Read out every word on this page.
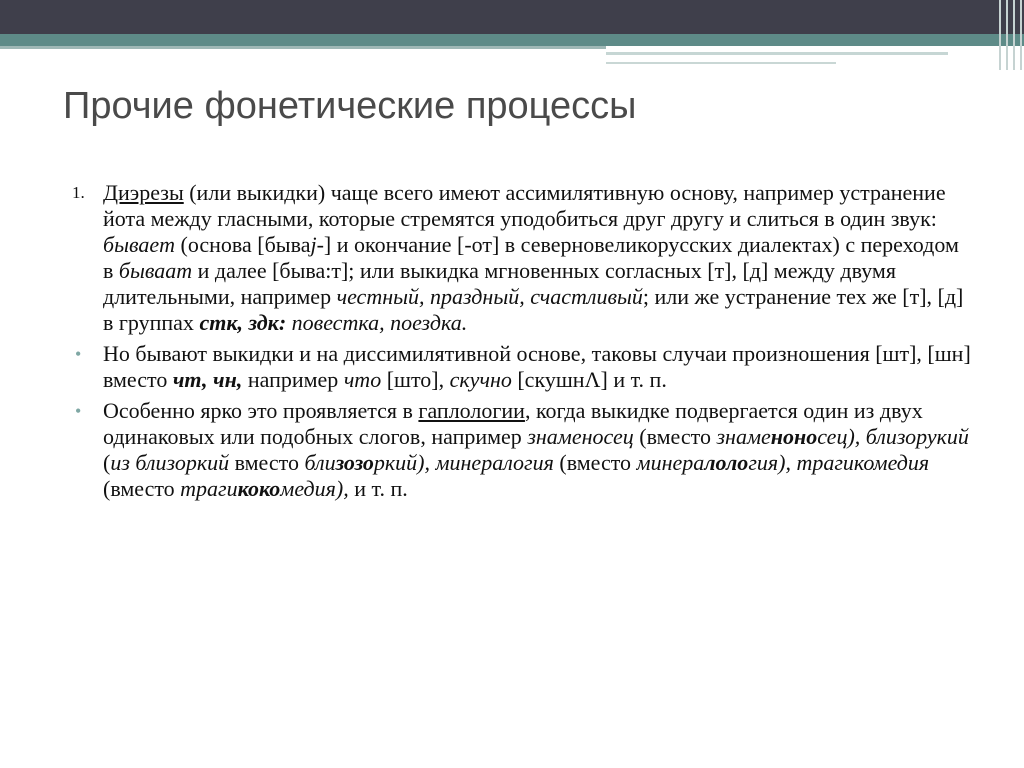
Прочие фонетические процессы

1. Диэрезы (или выкидки) чаще всего имеют ассимилятивную основу, например устранение йота между гласными, которые стремятся уподобиться друг другу и слиться в один звук: бываeт (основа [бываj-] и окончание [-от] в северновеликорусских диалектах) с переходом в бываат и далее [быва:т]; или выкидка мгновенных согласных [т], [д] между двумя длительными, например честный, праздный, счастливый; или же устранение тех же [т], [д] в группах стк, здк: повестка, поездка.

• Но бывают выкидки и на диссимилятивной основе, таковы случаи произношения [шт], [шн] вместо чт, чн, например что [што], скучно [скушнΛ] и т. п.

• Особенно ярко это проявляется в гаплологии, когда выкидке подвергается один из двух одинаковых или подобных слогов, например знаменосец (вместо знаменоносец), близорукий (из близоркий вместо близозоркий), минералогия (вместо минералология), трагикомедия (вместо трагикокомедия), и т. п.
